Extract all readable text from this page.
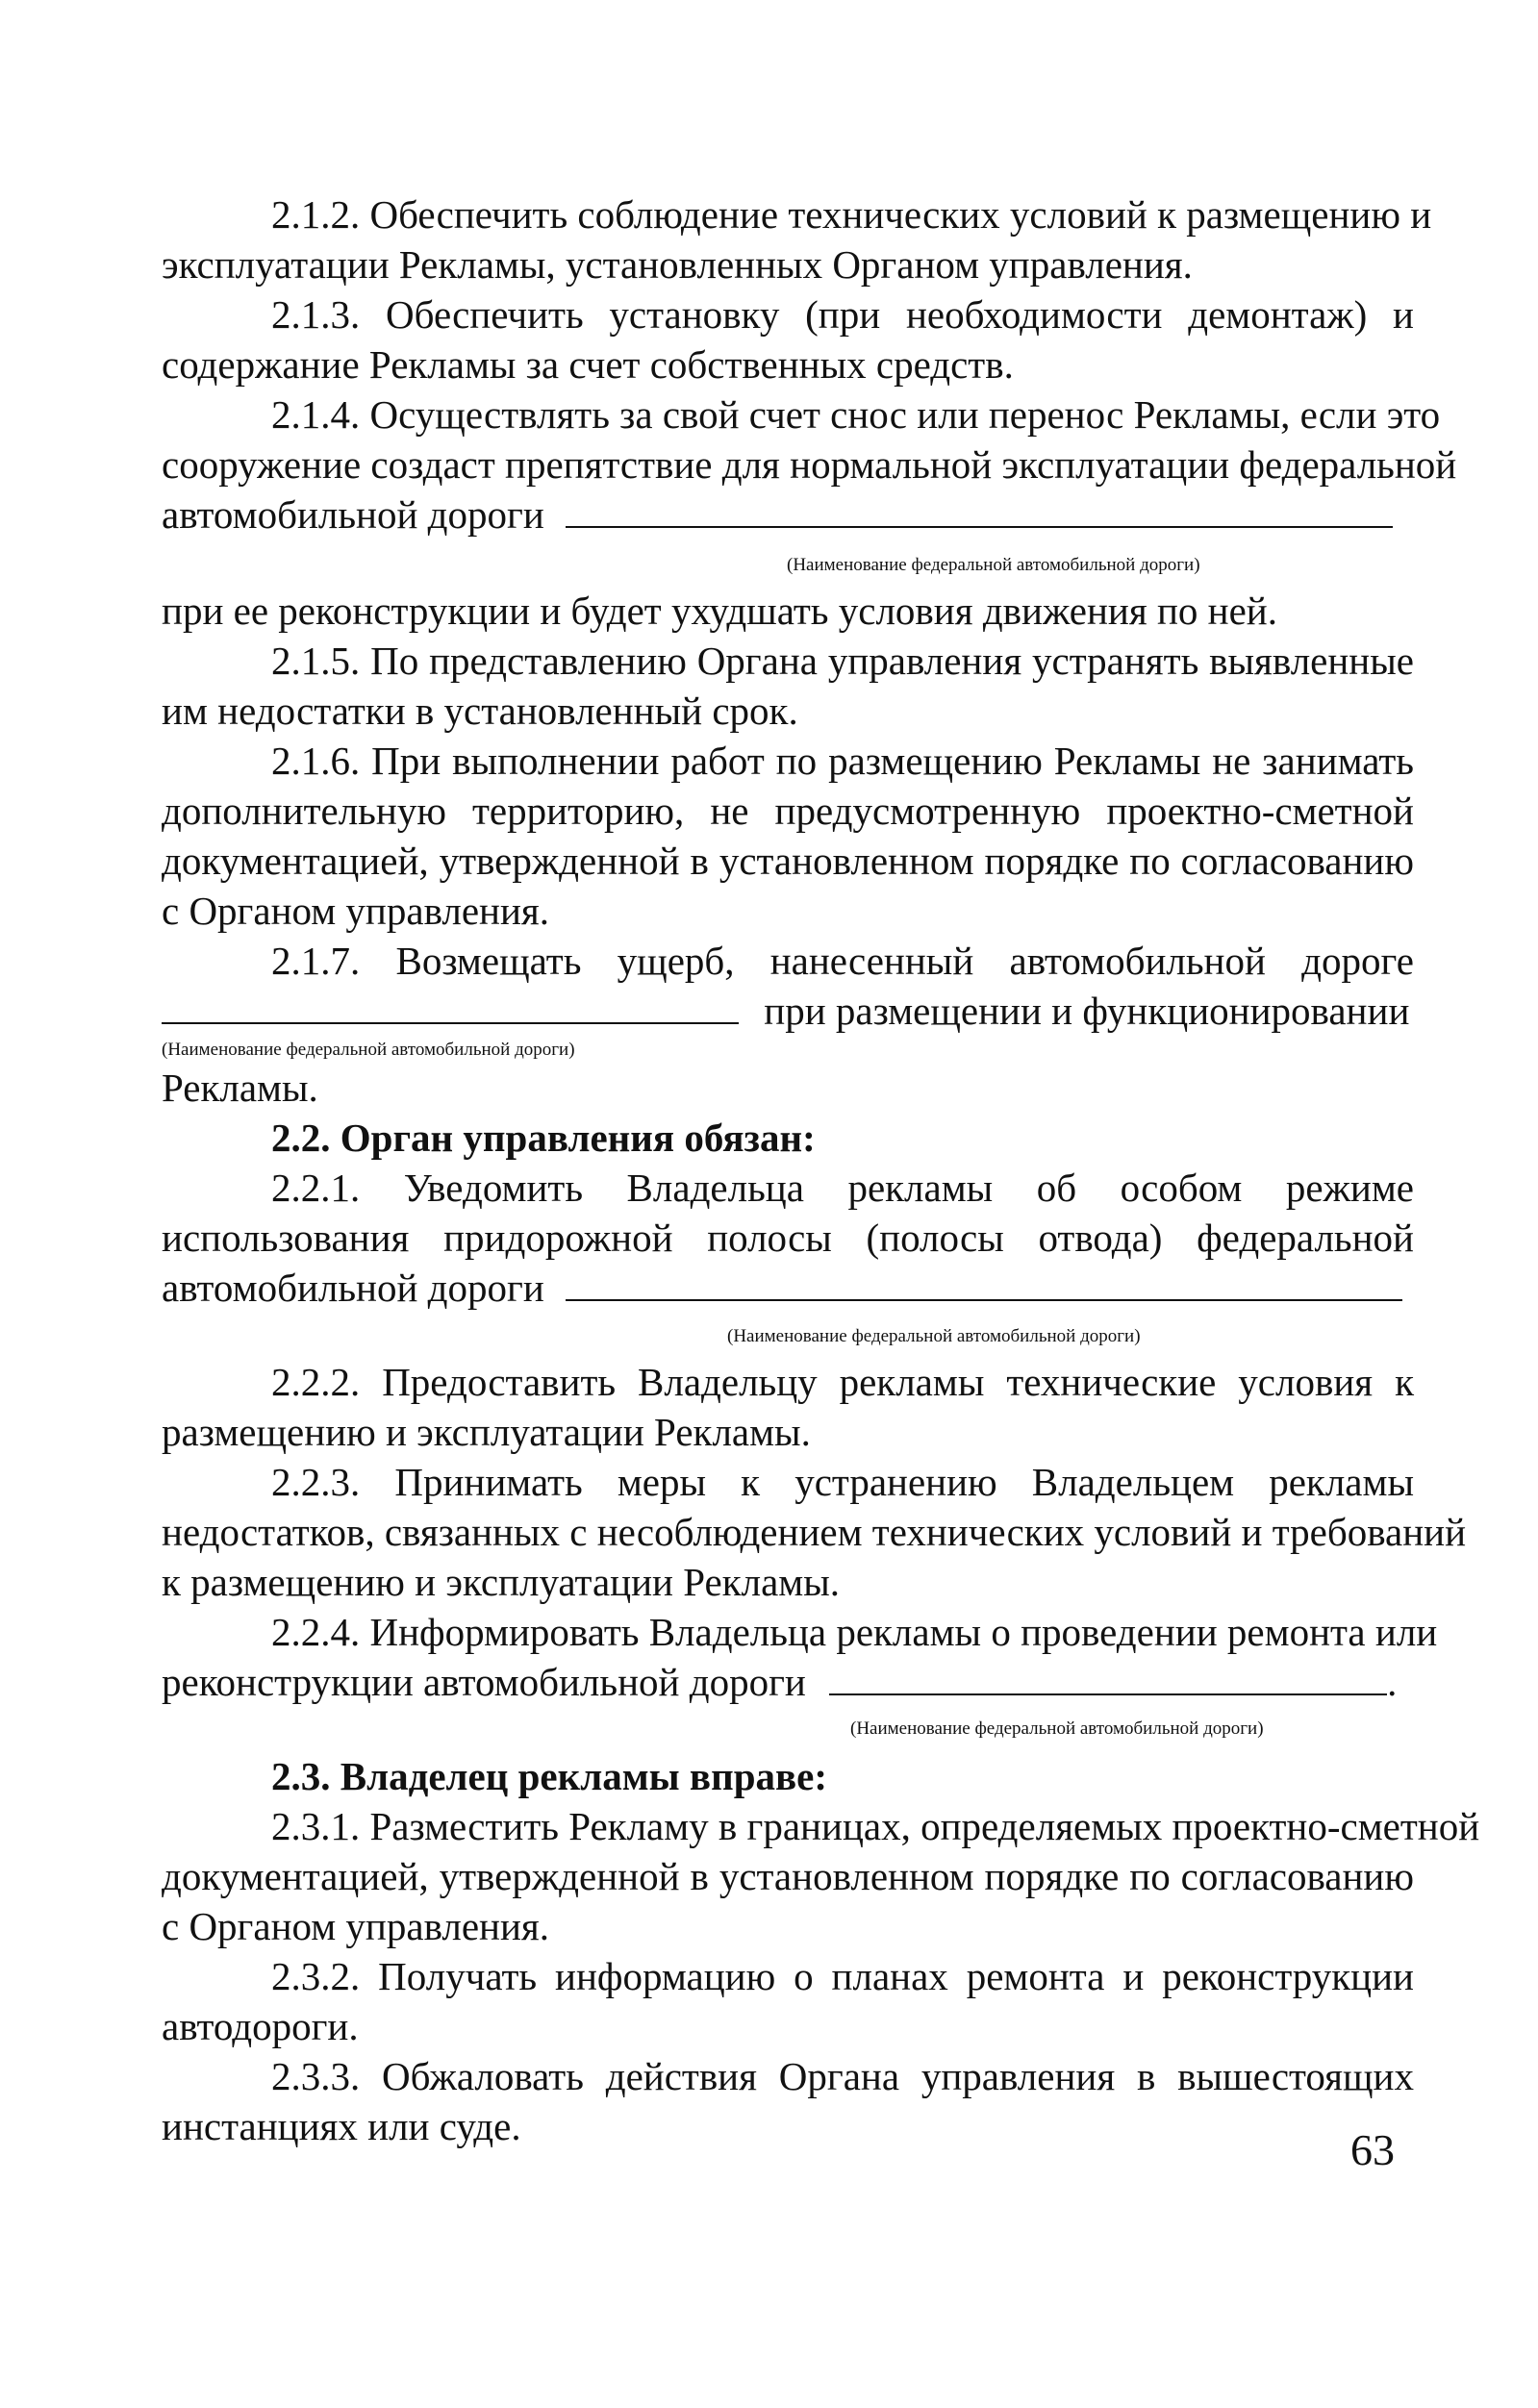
2.1.2. Обеспечить соблюдение технических условий к размещению и
эксплуатации Рекламы, установленных Органом управления.
2.1.3. Обеспечить установку (при необходимости демонтаж) и
содержание Рекламы за счет собственных средств.
2.1.4. Осуществлять за свой счет снос или перенос Рекламы, если это
сооружение создаст препятствие для нормальной эксплуатации федеральной
автомобильной дороги
(Наименование федеральной автомобильной дороги)
при ее реконструкции и будет ухудшать условия движения по ней.
2.1.5. По представлению Органа управления устранять выявленные
им недостатки в установленный срок.
2.1.6. При выполнении работ по размещению Рекламы не занимать
дополнительную территорию, не предусмотренную проектно-сметной
документацией, утвержденной в установленном порядке по согласованию
с Органом управления.
2.1.7. Возмещать ущерб, нанесенный автомобильной дороге
при размещении и функционировании
(Наименование федеральной автомобильной дороги)
Рекламы.
2.2. Орган управления обязан:
2.2.1. Уведомить Владельца рекламы об особом режиме
использования придорожной полосы (полосы отвода) федеральной
автомобильной дороги
(Наименование федеральной автомобильной дороги)
2.2.2. Предоставить Владельцу рекламы технические условия к
размещению и эксплуатации Рекламы.
2.2.3. Принимать меры к устранению Владельцем рекламы
недостатков, связанных с несоблюдением технических условий и требований
к размещению и эксплуатации Рекламы.
2.2.4. Информировать Владельца рекламы о проведении ремонта или
реконструкции автомобильной дороги	.
(Наименование федеральной автомобильной дороги)
2.3. Владелец рекламы вправе:
2.3.1. Разместить Рекламу в границах, определяемых проектно-сметной
документацией, утвержденной в установленном порядке по согласованию
с Органом управления.
2.3.2. Получать информацию о планах ремонта и реконструкции
автодороги.
2.3.3. Обжаловать действия Органа управления в вышестоящих
инстанциях или суде.	63
